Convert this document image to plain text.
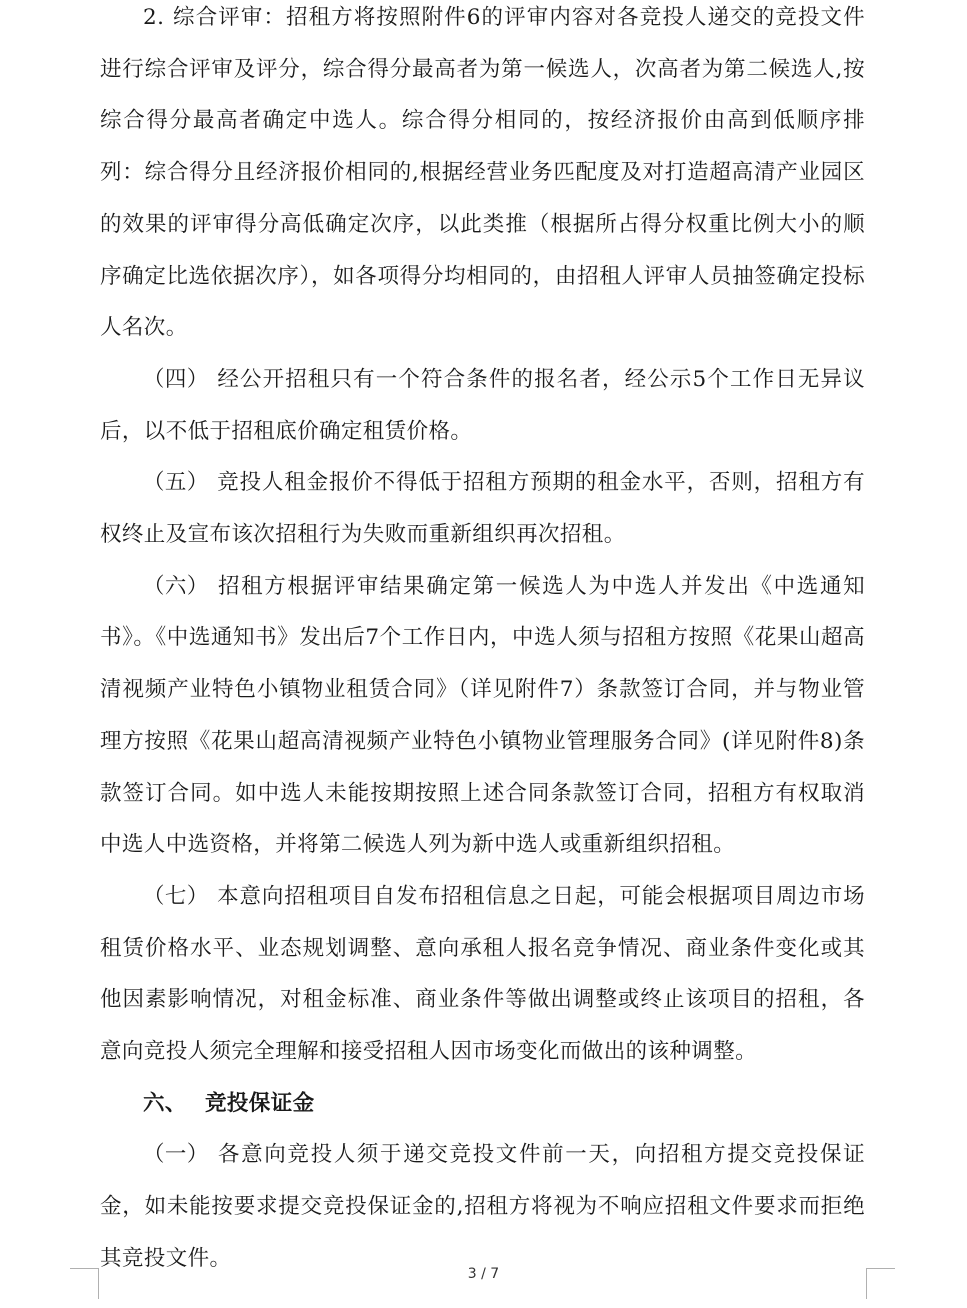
2. 综合评审：招租方将按照附件6的评审内容对各竞投人递交的竞投文件进行综合评审及评分，综合得分最高者为第一候选人，次高者为第二候选人,按综合得分最高者确定中选人。综合得分相同的，按经济报价由高到低顺序排列：综合得分且经济报价相同的,根据经营业务匹配度及对打造超高清产业园区的效果的评审得分高低确定次序，以此类推（根据所占得分权重比例大小的顺序确定比选依据次序），如各项得分均相同的，由招租人评审人员抽签确定投标人名次。

（四） 经公开招租只有一个符合条件的报名者，经公示5个工作日无异议后，以不低于招租底价确定租赁价格。

（五） 竞投人租金报价不得低于招租方预期的租金水平，否则，招租方有权终止及宣布该次招租行为失败而重新组织再次招租。

（六） 招租方根据评审结果确定第一候选人为中选人并发出《中选通知书》。《中选通知书》发出后7个工作日内，中选人须与招租方按照《花果山超高清视频产业特色小镇物业租赁合同》（详见附件7）条款签订合同，并与物业管理方按照《花果山超高清视频产业特色小镇物业管理服务合同》(详见附件8)条款签订合同。如中选人未能按期按照上述合同条款签订合同，招租方有权取消中选人中选资格，并将第二候选人列为新中选人或重新组织招租。

（七） 本意向招租项目自发布招租信息之日起，可能会根据项目周边市场租赁价格水平、业态规划调整、意向承租人报名竞争情况、商业条件变化或其他因素影响情况，对租金标准、商业条件等做出调整或终止该项目的招租，各意向竞投人须完全理解和接受招租人因市场变化而做出的该种调整。

六、 竞投保证金

（一） 各意向竞投人须于递交竞投文件前一天，向招租方提交竞投保证金，如未能按要求提交竞投保证金的,招租方将视为不响应招租文件要求而拒绝其竞投文件。

3 / 7
